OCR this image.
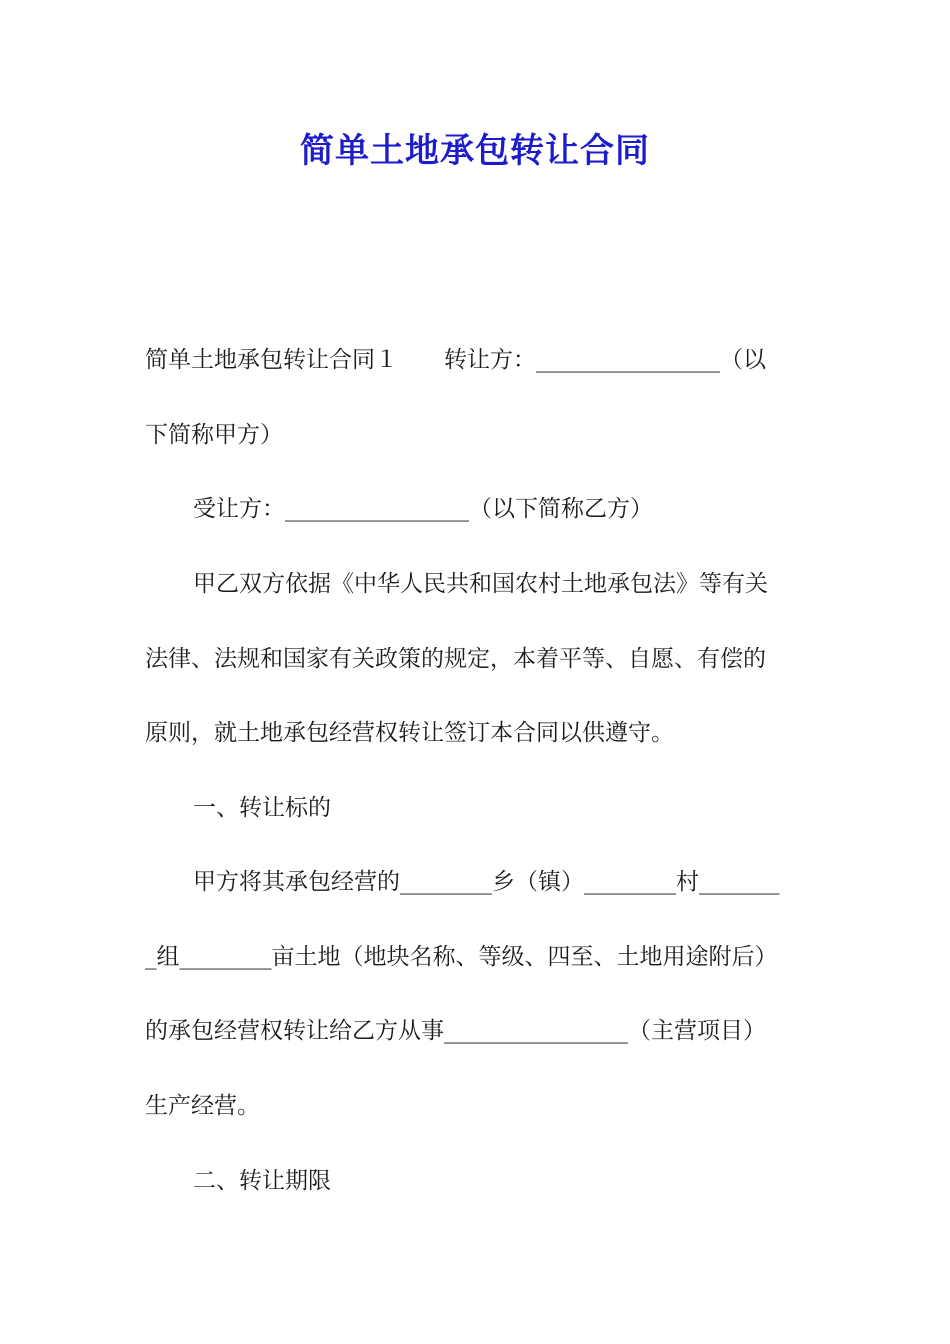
简单土地承包转让合同
简单土地承包转让合同１ 转让方：________________（以
下简称甲方）
受让方：________________（以下简称乙方）
甲乙双方依据《中华人民共和国农村土地承包法》等有关
法律、法规和国家有关政策的规定，本着平等、自愿、有偿的
原则，就土地承包经营权转让签订本合同以供遵守。
一、转让标的
甲方将其承包经营的________乡（镇）________村_______
_组________亩土地（地块名称、等级、四至、土地用途附后）
的承包经营权转让给乙方从事________________（主营项目）
生产经营。
二、转让期限
